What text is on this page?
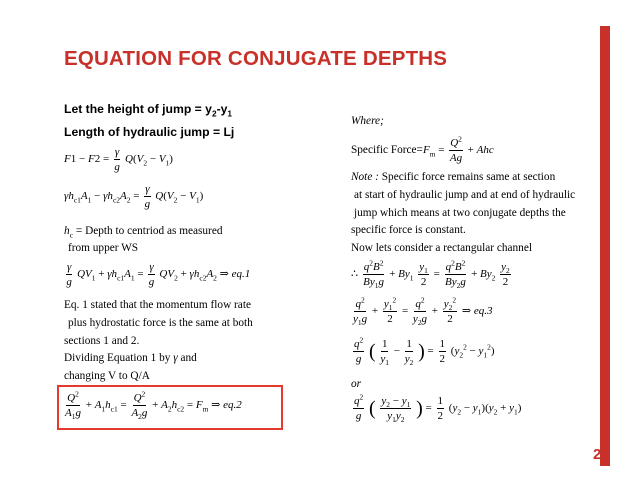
EQUATION FOR CONJUGATE DEPTHS
Let the height of jump = $y_2-y_1$
Length of hydraulic jump = Lj
$F1 - F2 = \frac{\gamma}{g} Q(V_2 - V_1)$
$\gamma h_{c1}A_1 - \gamma h_{c2}A_2 = \frac{\gamma}{g} Q(V_2 - V_1)$
$h_c$ = Depth to centriod as measured
from upper WS
$\frac{\gamma}{g} QV_1 + \gamma h_{c1}A_1 = \frac{\gamma}{g} QV_2 + \gamma h_{c2}A_2$ ⇒ eq.1
Eq. 1 stated that the momentum flow rate
plus hydrostatic force is the same at both
sections 1 and 2.
Dividing Equation 1 by γ and
changing V to Q/A
$\frac{Q^2}{A_1g} + A_1h_{c1} = \frac{Q^2}{A_2g} + A_2h_{c2} = F_m$ ⇒ eq.2
Where;
Specific $Force=F_m = \frac{Q^2}{Ag}$ + Ahc
Note : Specific force remains same at section
at start of hydraulic jump and at end of hydraulic
jump which means at two conjugate depths the
specific force is constant.
Now lets consider a rectangular channel
∴ $\frac{q^2B^2}{By_1g} + By_1 \frac{y_1}{2} = \frac{q^2B^2}{By_2g} + By_2 \frac{y_2}{2}$
$\frac{q^2}{y_1g} + \frac{y_1^2}{2} = \frac{q^2}{y_2g} + \frac{y_2^2}{2}$ ⇒ eq.3
$\frac{q^2}{g}$ ( $\frac{1}{y_1} - \frac{1}{y_2}$ ) = $\frac{1}{2} (y_2^2 - y_1^2)$
or
$\frac{q^2}{g}$ ( $\frac{y_2 - y_1}{y_1y_2}$ ) = $\frac{1}{2} (y_2 - y_1)(y_2 + y_1)$
22
